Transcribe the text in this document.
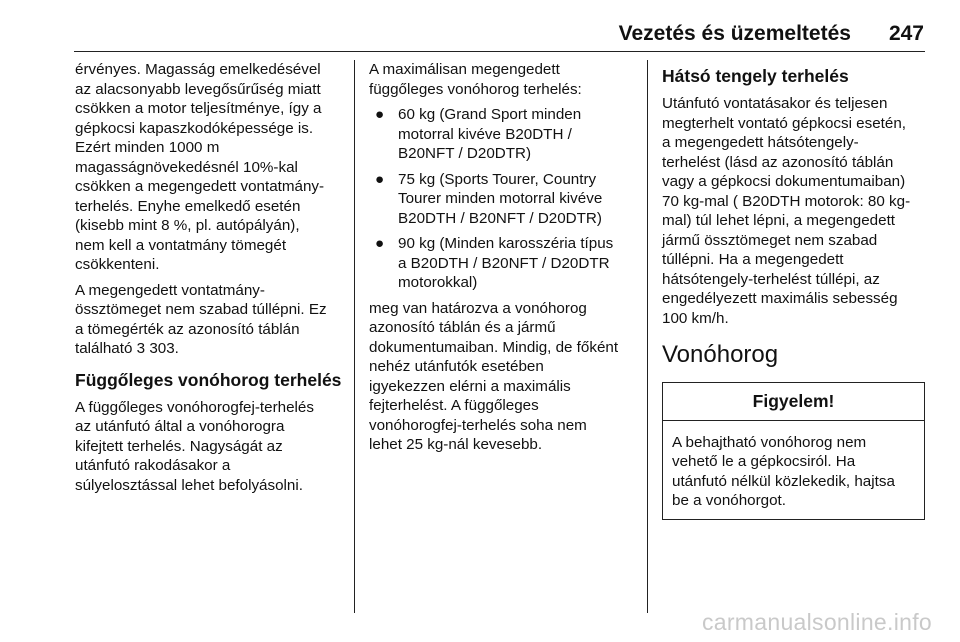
Vezetés és üzemeltetés 247

érvényes. Magasság emelkedésével
az alacsonyabb levegősűrűség miatt
csökken a motor teljesítménye, így a
gépkocsi kapaszkodóképessége is.
Ezért minden 1000 m
magasságnövekedésnél 10%-kal
csökken a megengedett vontatmány-
terhelés. Enyhe emelkedő esetén
(kisebb mint 8 %, pl. autópályán),
nem kell a vontatmány tömegét
csökkenteni.

A megengedett vontatmány-
össztömeget nem szabad túllépni. Ez
a tömegérték az azonosító táblán
található 3 303.

Függőleges vonóhorog terhelés

A függőleges vonóhorogfej-terhelés
az utánfutó által a vonóhorogra
kifejtett terhelés. Nagyságát az
utánfutó rakodásakor a
súlyelosztással lehet befolyásolni.

A maximálisan megengedett
függőleges vonóhorog terhelés:

● 60 kg (Grand Sport minden
motorral kivéve B20DTH /
B20NFT / D20DTR)
● 75 kg (Sports Tourer, Country
Tourer minden motorral kivéve
B20DTH / B20NFT / D20DTR)
● 90 kg (Minden karosszéria típus
a B20DTH / B20NFT / D20DTR
motorokkal)

meg van határozva a vonóhorog
azonosító táblán és a jármű
dokumentumaiban. Mindig, de főként
nehéz utánfutók esetében
igyekezzen elérni a maximális
fejterhelést. A függőleges
vonóhorogfej-terhelés soha nem
lehet 25 kg-nál kevesebb.

Hátsó tengely terhelés

Utánfutó vontatásakor és teljesen
megterhelt vontató gépkocsi esetén,
a megengedett hátsótengely-
terhelést (lásd az azonosító táblán
vagy a gépkocsi dokumentumaiban)
70 kg-mal ( B20DTH motorok: 80 kg-
mal) túl lehet lépni, a megengedett
jármű össztömeget nem szabad
túllépni. Ha a megengedett
hátsótengely-terhelést túllépi, az
engedélyezett maximális sebesség
100 km/h.

Vonóhorog
Figyelem!
A behajtható vonóhorog nem
vehető le a gépkocsiról. Ha
utánfutó nélkül közlekedik, hajtsa
be a vonóhorgot.
carmanualsonline.info
